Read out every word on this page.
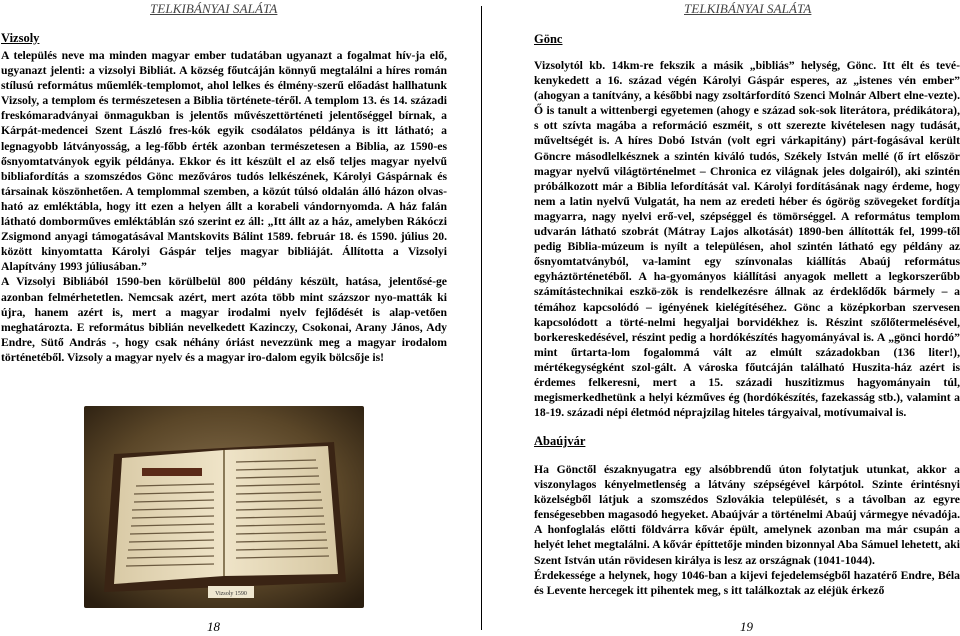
TELKIBÁNYAI SALÁTA
Vizsoly

A település neve ma minden magyar ember tudatában ugyanazt a fogalmat hív-ja elő, ugyanazt jelenti: a vizsolyi Bibliát. A község főutcáján könnyű megtalálni a híres román stílusú református műemlék-templomot, ahol lelkes és élmény-szerű előadást hallhatunk Vizsoly, a templom és természetesen a Biblia története-téről. A templom 13. és 14. századi freskómaradványai önmagukban is jelentős művészettörténeti jelentőséggel bírnak, a Kárpát-medencei Szent László fres-kók egyik csodálatos példánya is itt látható; a legnagyobb látványosság, a leg-főbb érték azonban természetesen a Biblia, az 1590-es ősnyomtatványok egyik példánya. Ekkor és itt készült el az első teljes magyar nyelvű bibliafordítás a szomszédos Gönc mezőváros tudós lelkészének, Károlyi Gáspárnak és társainak köszönhetően. A templommal szemben, a közút túlsó oldalán álló házon olvas-ható az emléktábla, hogy itt ezen a helyen állt a korabeli vándornyomda. A ház falán látható domborműves emléktáblán szó szerint ez áll: „Itt állt az a ház, amelyben Rákóczi Zsigmond anyagi támogatásával Mantskovits Bálint 1589. február 18. és 1590. július 20. között kinyomtatta Károlyi Gáspár teljes magyar bibliáját. Állította a Vizsolyi Alapítvány 1993 júliusában.”

A Vizsolyi Bibliából 1590-ben körülbelül 800 példány készült, hatása, jelentősé-ge azonban felmérhetetlen. Nemcsak azért, mert azóta több mint százszor nyo-matták ki újra, hanem azért is, mert a magyar irodalmi nyelv fejlődését is alap-vetően meghatározta. E református biblián nevelkedett Kazinczy, Csokonai, Arany János, Ady Endre, Sütő András -, hogy csak néhány óriást nevezzünk meg a magyar irodalom történetéből. Vizsoly a magyar nyelv és a magyar iro-dalom egyik bölcsője is!

Vizsoly 1590
18
TELKIBÁNYAI SALÁTA
Gönc

Vizsolytól kb. 14km-re fekszik a másik „bibliás” helység, Gönc. Itt élt és tevé-kenykedett a 16. század végén Károlyi Gáspár esperes, az „istenes vén ember” (ahogyan a tanítvány, a későbbi nagy zsoltárfordító Szenci Molnár Albert elne-vezte). Ő is tanult a wittenbergi egyetemen (ahogy e század sok-sok literátora, prédikátora), s ott szívta magába a reformáció eszméit, s ott szerezte kivételesen nagy tudását, műveltségét is. A híres Dobó István (volt egri várkapitány) párt-fogásával került Göncre másodlelkésznek a szintén kiváló tudós, Székely István mellé (ő írt először magyar nyelvű világtörténelmet – Chronica ez világnak jeles dolgairól), aki szintén próbálkozott már a Biblia lefordítását val. Károlyi fordításának nagy érdeme, hogy nem a latin nyelvű Vulgatát, ha nem az eredeti héber és ógörög szövegeket fordítja magyarra, nagy nyelvi erő-vel, szépséggel és tömörséggel. A református templom udvarán látható szobrát (Mátray Lajos alkotását) 1890-ben állították fel, 1999-től pedig Biblia-múzeum is nyílt a településen, ahol szintén látható egy példány az ősnyomtatványból, va-lamint egy színvonalas kiállítás Abaúj református egyháztörténetéből. A ha-gyományos kiállítási anyagok mellett a legkorszerűbb számítástechnikai eszkö-zök is rendelkezésre állnak az érdeklődők bármely – a témához kapcsolódó – igényének kielégítéséhez. Gönc a középkorban szervesen kapcsolódott a törté-nelmi hegyaljai borvidékhez is. Részint szőlőtermelésével, borkereskedésével, részint pedig a hordókészítés hagyományával is. A „gönci hordó” mint űrtarta-lom fogalommá vált az elmúlt századokban (136 liter!), mértékegységként szol-gált. A városka főutcáján található Huszita-ház azért is érdemes felkeresni, mert a 15. századi huszitizmus hagyományain túl, megismerkedhetünk a helyi kézműves ég (hordókészítés, fazekasság stb.), valamint a 18-19. századi népi életmód néprajzilag hiteles tárgyaival, motívumaival is.

Abaújvár

Ha Gönctől északnyugatra egy alsóbbrendű úton folytatjuk utunkat, akkor a viszonylagos kényelmetlenség a látvány szépségével kárpótol. Szinte érintésnyi közelségből látjuk a szomszédos Szlovákia települését, s a távolban az egyre fenségesebben magasodó hegyeket. Abaújvár a történelmi Abaúj vármegye névadója. A honfoglalás előtti földvárra kővár épült, amelynek azonban ma már csupán a helyét lehet megtalálni. A kővár építtetője minden bizonnyal Aba Sámuel lehetett, aki Szent István után rövidesen királya is lesz az országnak (1041-1044).

Érdekessége a helynek, hogy 1046-ban a kijevi fejedelemségből hazatérő Endre, Béla és Levente hercegek itt pihentek meg, s itt találkoztak az eléjük érkező

19
